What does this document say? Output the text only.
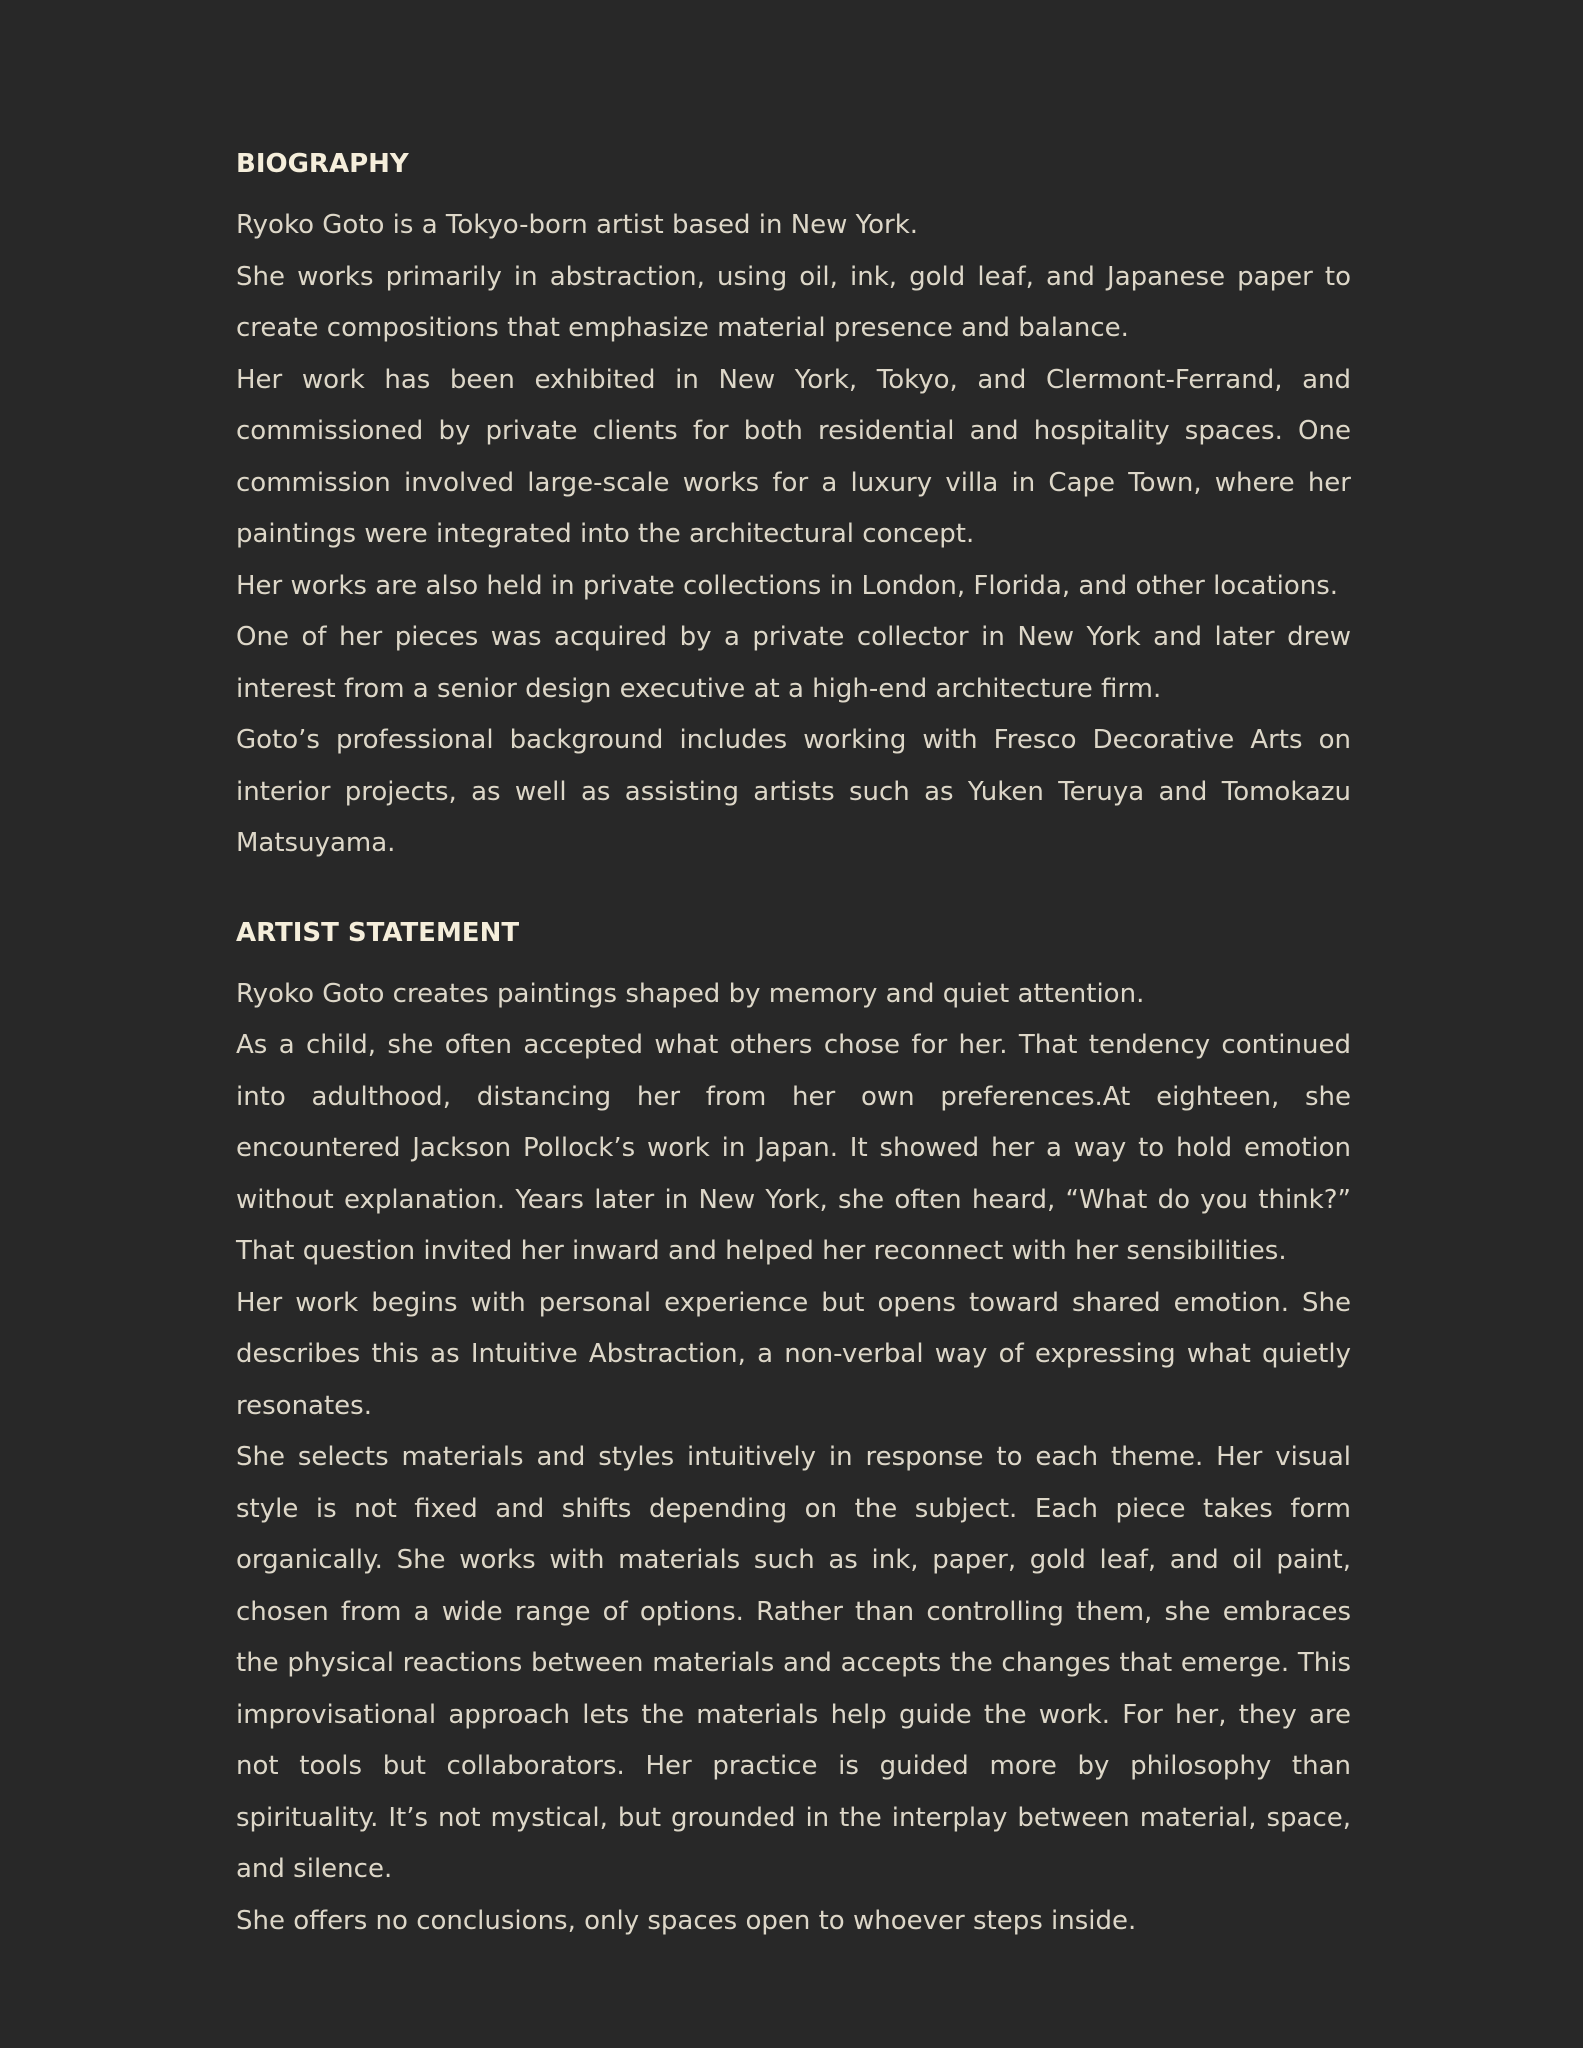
BIOGRAPHY

Ryoko Goto is a Tokyo-born artist based in New York.

She works primarily in abstraction, using oil, ink, gold leaf, and Japanese paper to create compositions that emphasize material presence and balance.

Her work has been exhibited in New York, Tokyo, and Clermont-Ferrand, and commissioned by private clients for both residential and hospitality spaces. One commission involved large-scale works for a luxury villa in Cape Town, where her paintings were integrated into the architectural concept.

Her works are also held in private collections in London, Florida, and other locations.

One of her pieces was acquired by a private collector in New York and later drew interest from a senior design executive at a high-end architecture firm.

Goto’s professional background includes working with Fresco Decorative Arts on interior projects, as well as assisting artists such as Yuken Teruya and Tomokazu Matsuyama.

ARTIST STATEMENT

Ryoko Goto creates paintings shaped by memory and quiet attention.

As a child, she often accepted what others chose for her. That tendency continued into adulthood, distancing her from her own preferences.At eighteen, she encountered Jackson Pollock’s work in Japan. It showed her a way to hold emotion without explanation. Years later in New York, she often heard, “What do you think?” That question invited her inward and helped her reconnect with her sensibilities.

Her work begins with personal experience but opens toward shared emotion. She describes this as Intuitive Abstraction, a non-verbal way of expressing what quietly resonates.

She selects materials and styles intuitively in response to each theme. Her visual style is not fixed and shifts depending on the subject. Each piece takes form organically. She works with materials such as ink, paper, gold leaf, and oil paint, chosen from a wide range of options. Rather than controlling them, she embraces the physical reactions between materials and accepts the changes that emerge. This improvisational approach lets the materials help guide the work. For her, they are not tools but collaborators. Her practice is guided more by philosophy than spirituality. It’s not mystical, but grounded in the interplay between material, space, and silence.

She offers no conclusions, only spaces open to whoever steps inside.
